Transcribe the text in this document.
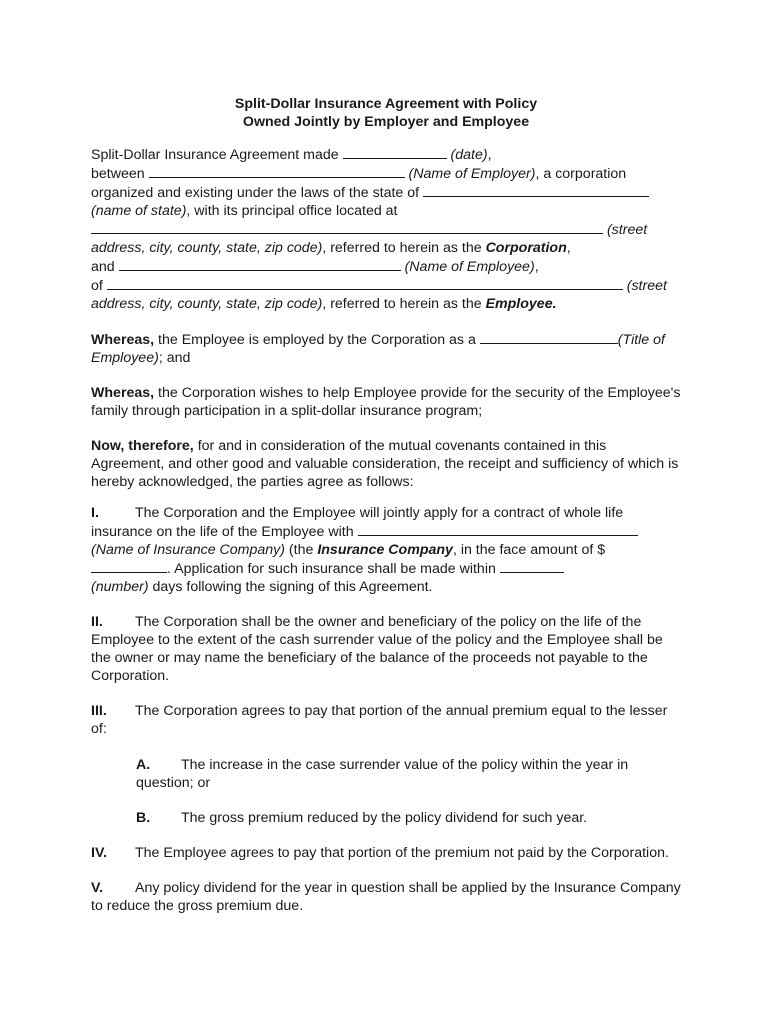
Split-Dollar Insurance Agreement with Policy
Owned Jointly by Employer and Employee

Split-Dollar Insurance Agreement made	(date),
between	(Name of Employer), a corporation organized and existing under the laws of the state of
(name of state), with its principal office located at
(street address, city, county, state, zip code), referred to herein as the Corporation,
and	(Name of Employee),
of	(street address, city, county, state, zip code), referred to herein as the Employee.

Whereas, the Employee is employed by the Corporation as a	(Title of Employee); and

Whereas, the Corporation wishes to help Employee provide for the security of the Employee's family through participation in a split-dollar insurance program;

Now, therefore, for and in consideration of the mutual covenants contained in this Agreement, and other good and valuable consideration, the receipt and sufficiency of which is hereby acknowledged, the parties agree as follows:

I.	The Corporation and the Employee will jointly apply for a contract of whole life insurance on the life of the Employee with
(Name of Insurance Company) (the Insurance Company, in the face amount of $. Application for such insurance shall be made within
(number) days following the signing of this Agreement.

II. The Corporation shall be the owner and beneficiary of the policy on the life of the Employee to the extent of the cash surrender value of the policy and the Employee shall be the owner or may name the beneficiary of the balance of the proceeds not payable to the Corporation.

III. The Corporation agrees to pay that portion of the annual premium equal to the lesser of:

A. The increase in the case surrender value of the policy within the year in question; or

B. The gross premium reduced by the policy dividend for such year.

IV. The Employee agrees to pay that portion of the premium not paid by the Corporation.

V. Any policy dividend for the year in question shall be applied by the Insurance Company to reduce the gross premium due.
